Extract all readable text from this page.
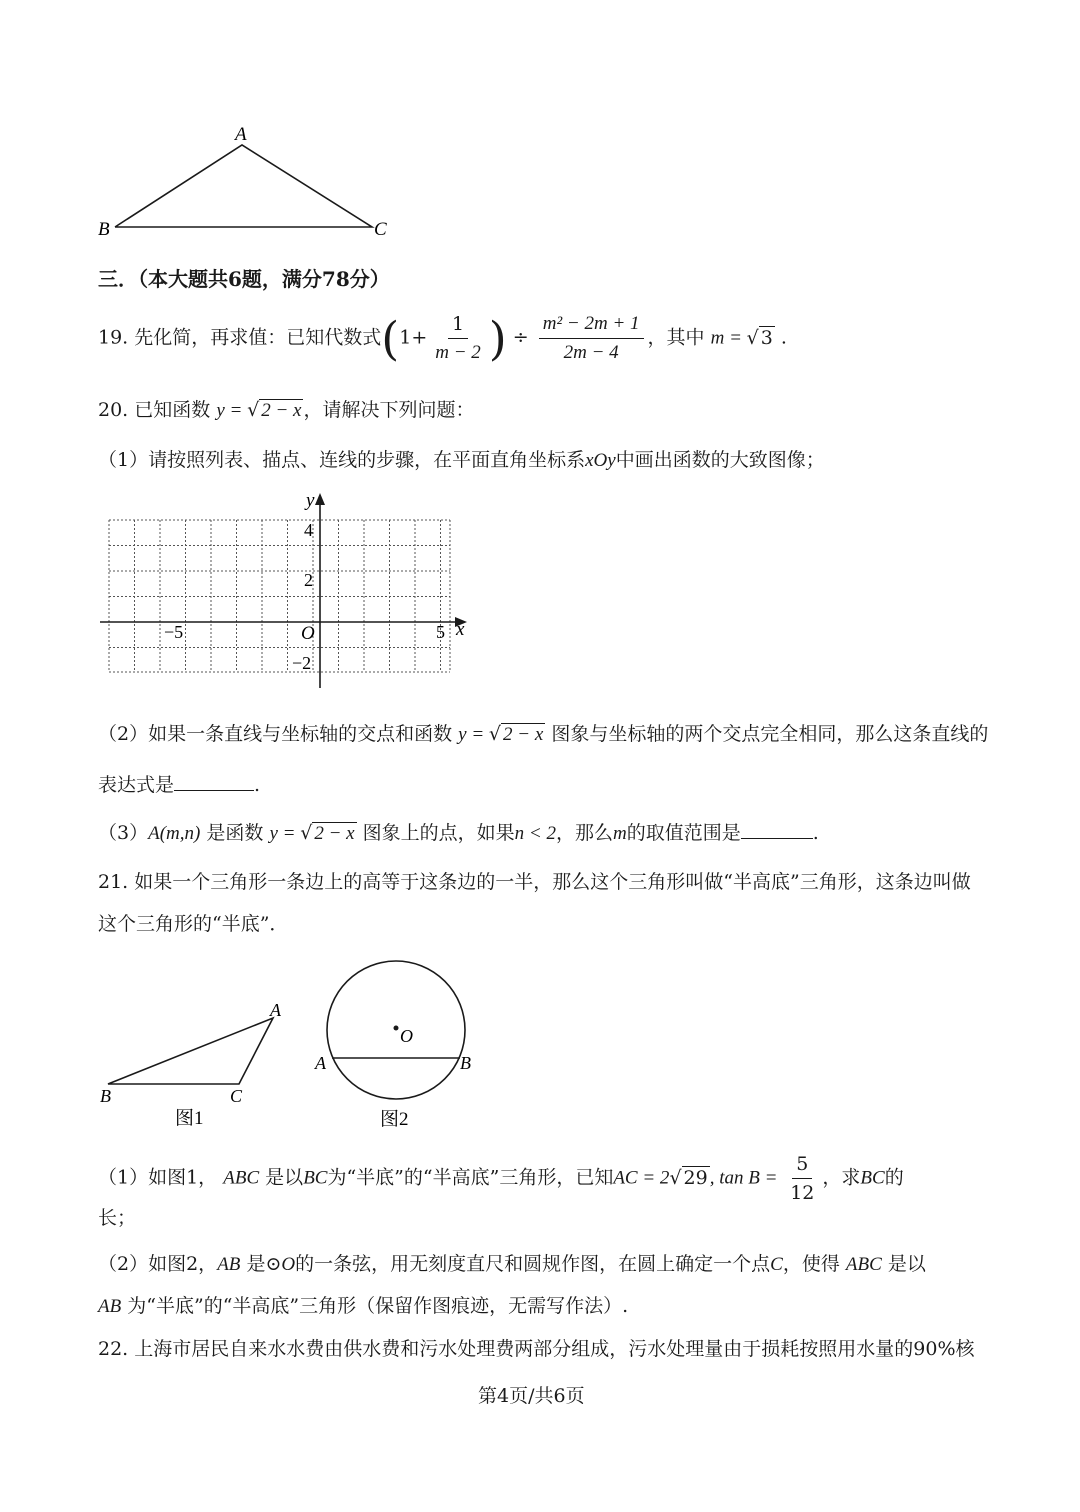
A
B	C
三．（本大题共6题，满分78分）
19. 先化简，再求值：已知代数式($1+ \frac{1}{m - 2}$ ) ÷ $\frac{\text{m² − 2m + 1}}{2m - 4}$ ，其中 m = √ 3 .
20. 已知函数 y = √ 2 − x ，请解决下列问题：
（1）请按照列表、描点、连线的步骤，在平面直角坐标系xOy中画出函数的大致图像；
y
x
O
4
2
−2
−5	5
（2）如果一条直线与坐标轴的交点和函数 y = √ 2 − x 图象与坐标轴的两个交点完全相同，那么这条直线的
表达式是	.
（3）A(m,n) 是函数 y = √ 2 − x 图象上的点，如果n < 2，那么m的取值范围是	.
21. 如果一个三角形一条边上的高等于这条边的一半，那么这个三角形叫做“半高底”三角形，这条边叫做
这个三角形的“半底”．
A
B	C
图1
O
A	B
图2
（1）如图1， ABC 是以BC为“半底”的“半高底”三角形，已知AC = 2√ 29 , $\tan B = \frac{5}{12}$ ，求BC的
长；
（2）如图2，AB 是⊙O的一条弦，用无刻度直尺和圆规作图，在圆上确定一个点C，使得 ABC 是以
AB 为“半底”的“半高底”三角形（保留作图痕迹，无需写作法）.
22. 上海市居民自来水水费由供水费和污水处理费两部分组成，污水处理量由于损耗按照用水量的90%核
第4页/共6页
